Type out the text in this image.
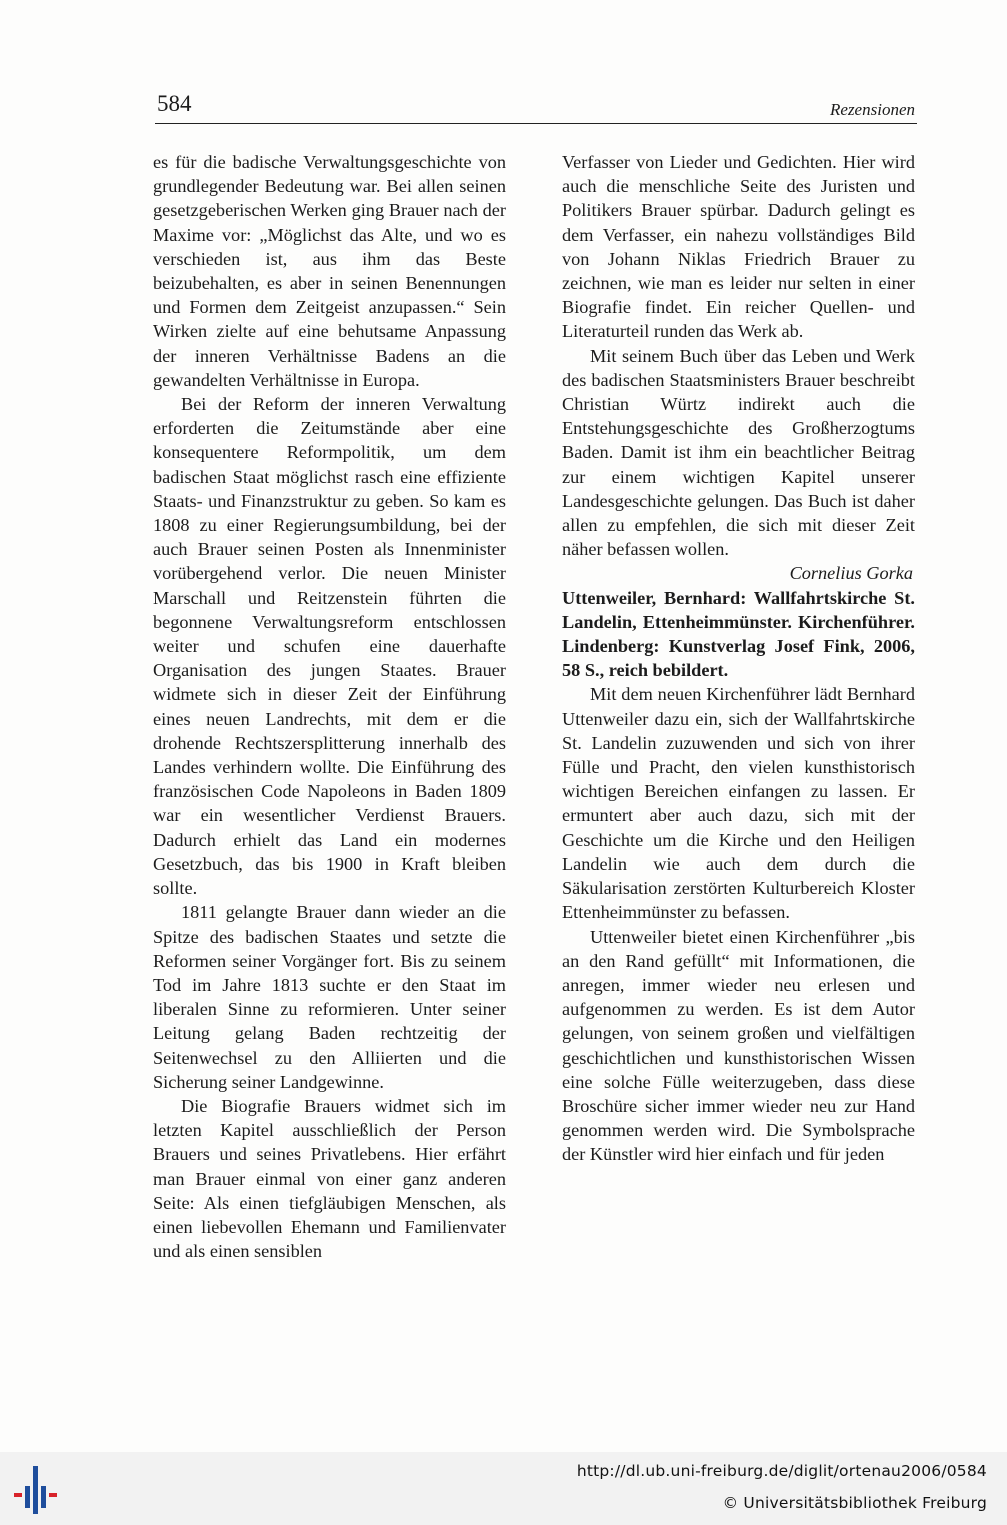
584	Rezensionen

es für die badische Verwaltungsgeschichte von grundlegender Bedeutung war. Bei allen seinen gesetzgeberischen Werken ging Brauer nach der Maxime vor: „Möglichst das Alte, und wo es verschieden ist, aus ihm das Beste beizubehalten, es aber in seinen Benennungen und Formen dem Zeitgeist anzupassen.“ Sein Wirken zielte auf eine behutsame Anpassung der inneren Verhältnisse Badens an die gewandelten Verhältnisse in Europa.

Bei der Reform der inneren Verwaltung erforderten die Zeitumstände aber eine konsequentere Reformpolitik, um dem badischen Staat möglichst rasch eine effiziente Staats- und Finanzstruktur zu geben. So kam es 1808 zu einer Regierungsumbildung, bei der auch Brauer seinen Posten als Innenminister vorübergehend verlor. Die neuen Minister Marschall und Reitzenstein führten die begonnene Verwaltungsreform entschlossen weiter und schufen eine dauerhafte Organisation des jungen Staates. Brauer widmete sich in dieser Zeit der Einführung eines neuen Landrechts, mit dem er die drohende Rechtszersplitterung innerhalb des Landes verhindern wollte. Die Einführung des französischen Code Napoleons in Baden 1809 war ein wesentlicher Verdienst Brauers. Dadurch erhielt das Land ein modernes Gesetzbuch, das bis 1900 in Kraft bleiben sollte.

1811 gelangte Brauer dann wieder an die Spitze des badischen Staates und setzte die Reformen seiner Vorgänger fort. Bis zu seinem Tod im Jahre 1813 suchte er den Staat im liberalen Sinne zu reformieren. Unter seiner Leitung gelang Baden rechtzeitig der Seitenwechsel zu den Alliierten und die Sicherung seiner Landgewinne.

Die Biografie Brauers widmet sich im letzten Kapitel ausschließlich der Person Brauers und seines Privatlebens. Hier erfährt man Brauer einmal von einer ganz anderen Seite: Als einen tiefgläubigen Menschen, als einen liebevollen Ehemann und Familienvater und als einen sensiblen

Verfasser von Lieder und Gedichten. Hier wird auch die menschliche Seite des Juristen und Politikers Brauer spürbar. Dadurch gelingt es dem Verfasser, ein nahezu vollständiges Bild von Johann Niklas Friedrich Brauer zu zeichnen, wie man es leider nur selten in einer Biografie findet. Ein reicher Quellen- und Literaturteil runden das Werk ab.

Mit seinem Buch über das Leben und Werk des badischen Staatsministers Brauer beschreibt Christian Würtz indirekt auch die Entstehungsgeschichte des Großherzogtums Baden. Damit ist ihm ein beachtlicher Beitrag zur einem wichtigen Kapitel unserer Landesgeschichte gelungen. Das Buch ist daher allen zu empfehlen, die sich mit dieser Zeit näher befassen wollen.

Cornelius Gorka

Uttenweiler, Bernhard: Wallfahrtskirche St. Landelin, Ettenheimmünster. Kirchenführer. Lindenberg: Kunstverlag Josef Fink, 2006, 58 S., reich bebildert.

Mit dem neuen Kirchenführer lädt Bernhard Uttenweiler dazu ein, sich der Wallfahrtskirche St. Landelin zuzuwenden und sich von ihrer Fülle und Pracht, den vielen kunsthistorisch wichtigen Bereichen einfangen zu lassen. Er ermuntert aber auch dazu, sich mit der Geschichte um die Kirche und den Heiligen Landelin wie auch dem durch die Säkularisation zerstörten Kulturbereich Kloster Ettenheimmünster zu befassen.

Uttenweiler bietet einen Kirchenführer „bis an den Rand gefüllt“ mit Informationen, die anregen, immer wieder neu erlesen und aufgenommen zu werden. Es ist dem Autor gelungen, von seinem großen und vielfältigen geschichtlichen und kunsthistorischen Wissen eine solche Fülle weiterzugeben, dass diese Broschüre sicher immer wieder neu zur Hand genommen werden wird. Die Symbolsprache der Künstler wird hier einfach und für jeden

http://dl.ub.uni-freiburg.de/diglit/ortenau2006/0584
© Universitätsbibliothek Freiburg
